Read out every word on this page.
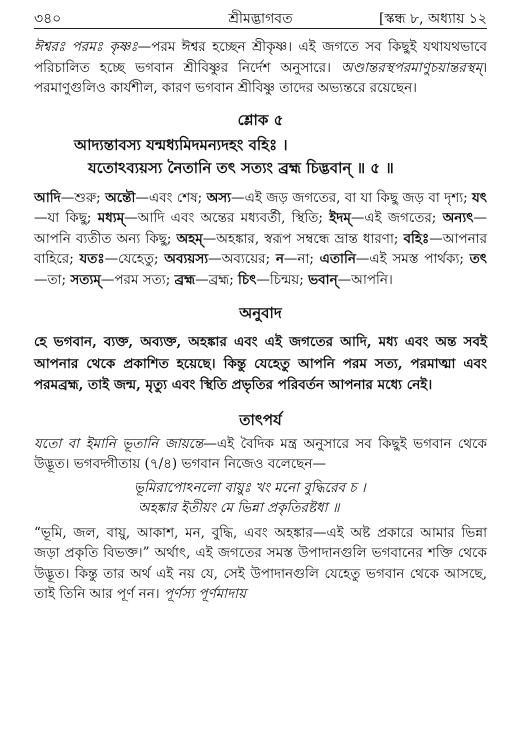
৩৪০	শ্রীমদ্ভাগবত	[স্কন্ধ ৮, অধ্যায় ১২

ঈশ্বরঃ পরমঃ কৃষ্ণঃ—পরম ঈশ্বর হচ্ছেন শ্রীকৃষ্ণ। এই জগতে সব কিছুই যথাযথভাবে পরিচালিত হচ্ছে ভগবান শ্রীবিষ্ণুর নির্দেশ অনুসারে। অণ্ডান্তরস্থপরমাণুচয়ান্তরস্থম্‌। পরমাণুগুলিও কার্যশীল, কারণ ভগবান শ্রীবিষ্ণু তাদের অভ্যন্তরে রয়েছেন।

শ্লোক ৫
আদ্যন্তাবস্য যন্মধ্যমিদমন্যদহং বহিঃ ।
যতোঽব্যয়স্য নৈতানি তৎ সত্যং ব্রহ্ম চিদ্ভবান্‌ ॥ ৫ ॥

আদি—শুরু; অন্তৌ—এবং শেষ; অস্য—এই জড় জগতের, বা যা কিছু জড় বা দৃশ্য; যৎ—যা কিছু; মধ্যম্‌—আদি এবং অন্তের মধ্যবর্তী, স্থিতি; ইদম্‌—এই জগতের; অন্যৎ—আপনি ব্যতীত অন্য কিছু; অহম্‌—অহঙ্কার, স্বরূপ সম্বন্ধে ভ্রান্ত ধারণা; বহিঃ—আপনার বাহিরে; যতঃ—যেহেতু; অব্যয়স্য—অব্যয়ের; ন—না; এতানি—এই সমস্ত পার্থক্য; তৎ—তা; সত্যম্‌—পরম সত্য; ব্রহ্ম—ব্রহ্ম; চিৎ—চিন্ময়; ভবান্‌—আপনি।

অনুবাদ

হে ভগবান, ব্যক্ত, অব্যক্ত, অহঙ্কার এবং এই জগতের আদি, মধ্য এবং অন্ত সবই আপনার থেকে প্রকাশিত হয়েছে। কিন্তু যেহেতু আপনি পরম সত্য, পরমাত্মা এবং পরমব্রহ্ম, তাই জন্ম, মৃত্যু এবং স্থিতি প্রভৃতির পরিবর্তন আপনার মধ্যে নেই।

তাৎপর্য

যতো বা ইমানি ভূতানি জায়ন্তে—এই বৈদিক মন্ত্র অনুসারে সব কিছুই ভগবান থেকে উদ্ভূত। ভগবদ্গীতায় (৭/৪) ভগবান নিজেও বলেছেন—

ভূমিরাপোঽনলো বায়ুঃ খং মনো বুদ্ধিরেব চ ।
অহঙ্কার ইতীয়ং মে ভিন্না প্রকৃতিরষ্টধা ॥

“ভূমি, জল, বায়ু, আকাশ, মন, বুদ্ধি, এবং অহঙ্কার—এই অষ্ট প্রকারে আমার ভিন্না জড়া প্রকৃতি বিভক্ত।” অর্থাৎ, এই জগতের সমস্ত উপাদানগুলি ভগবানের শক্তি থেকে উদ্ভূত। কিন্তু তার অর্থ এই নয় যে, সেই উপাদানগুলি যেহেতু ভগবান থেকে আসছে, তাই তিনি আর পূর্ণ নন। পূর্ণস্য পূর্ণমাদায়
